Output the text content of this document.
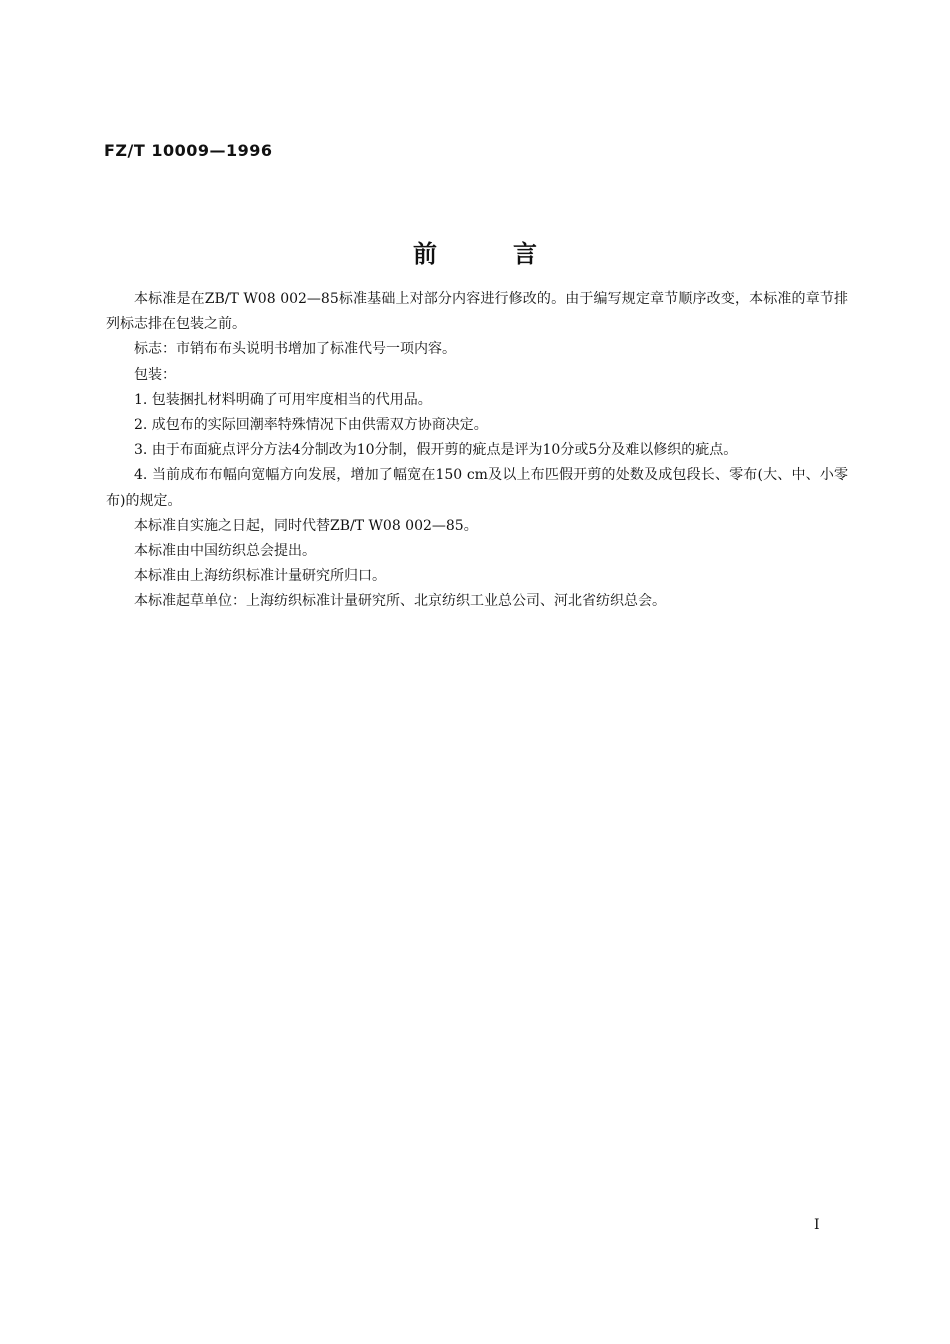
FZ/T 10009—1996
前言

本标准是在ZB/T W08 002—85标准基础上对部分内容进行修改的。由于编写规定章节顺序改变，本标准的章节排列标志排在包装之前。

标志：市销布布头说明书增加了标准代号一项内容。

包装：

1. 包装捆扎材料明确了可用牢度相当的代用品。

2. 成包布的实际回潮率特殊情况下由供需双方协商决定。

3. 由于布面疵点评分方法4分制改为10分制，假开剪的疵点是评为10分或5分及难以修织的疵点。

4. 当前成布布幅向宽幅方向发展，增加了幅宽在150 cm及以上布匹假开剪的处数及成包段长、零布(大、中、小零布)的规定。

本标准自实施之日起，同时代替ZB/T W08 002—85。

本标准由中国纺织总会提出。

本标准由上海纺织标准计量研究所归口。

本标准起草单位：上海纺织标准计量研究所、北京纺织工业总公司、河北省纺织总会。

I
